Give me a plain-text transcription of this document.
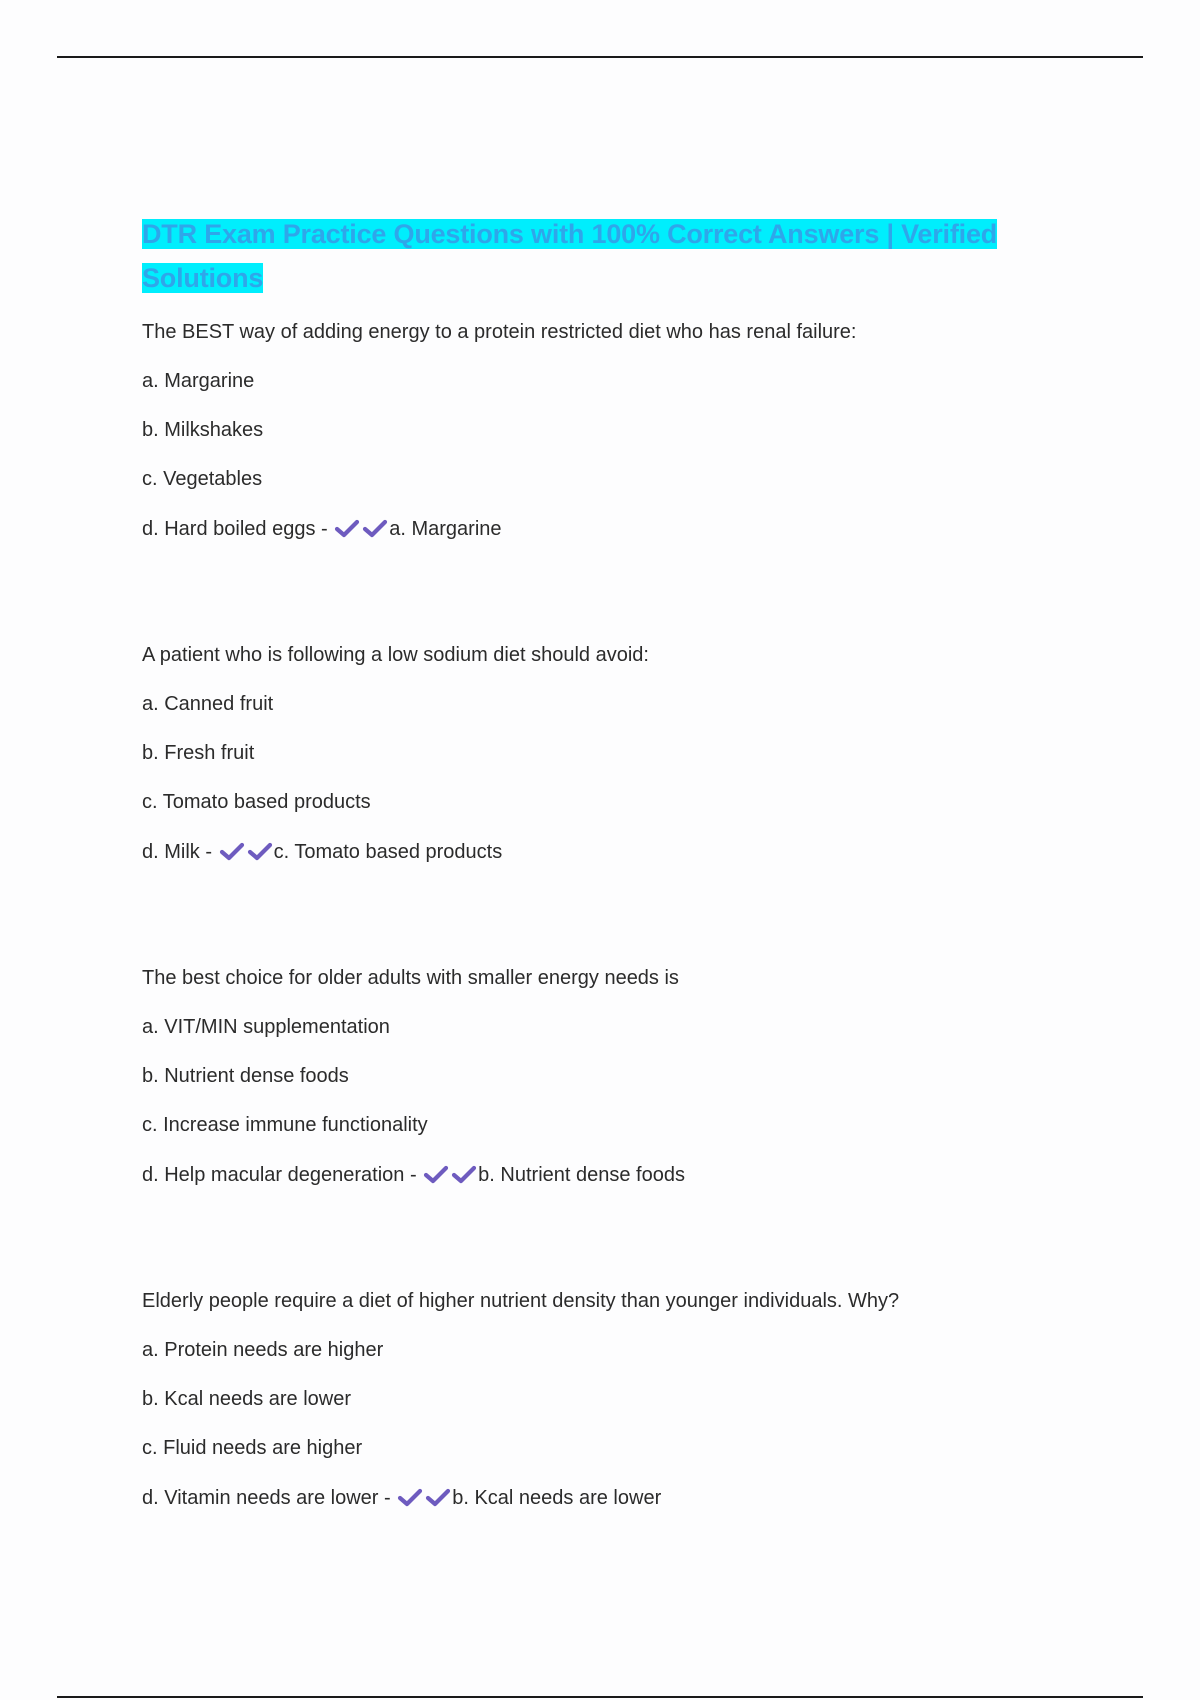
DTR Exam Practice Questions with 100% Correct Answers | Verified Solutions
The BEST way of adding energy to a protein restricted diet who has renal failure:
a. Margarine
b. Milkshakes
c. Vegetables
d. Hard boiled eggs -	a. Margarine
A patient who is following a low sodium diet should avoid:
a. Canned fruit
b. Fresh fruit
c. Tomato based products
d. Milk -	c. Tomato based products
The best choice for older adults with smaller energy needs is
a. VIT/MIN supplementation
b. Nutrient dense foods
c. Increase immune functionality
d. Help macular degeneration -	b. Nutrient dense foods
Elderly people require a diet of higher nutrient density than younger individuals. Why?
a. Protein needs are higher
b. Kcal needs are lower
c. Fluid needs are higher
d. Vitamin needs are lower -	b. Kcal needs are lower
